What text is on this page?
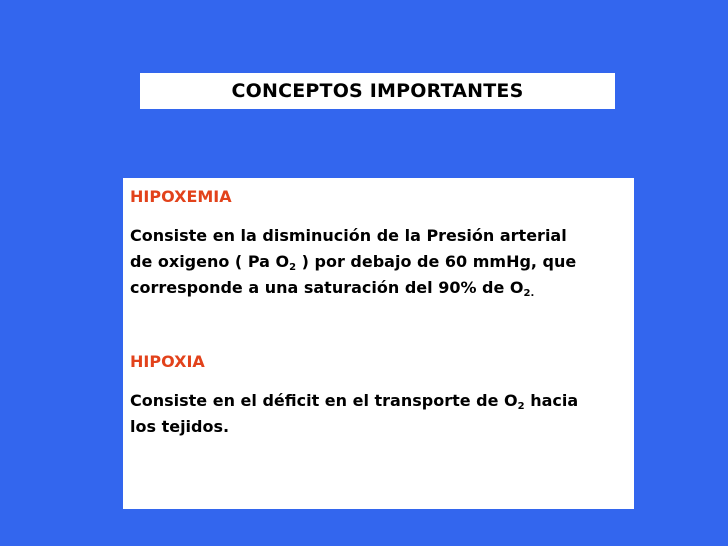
CONCEPTOS IMPORTANTES
HIPOXEMIA
Consiste en la disminución de la Presión arterial
de oxigeno ( Pa $O_2$ ) por debajo de 60 mmHg, que
corresponde a una saturación del 90% de $O_{2.}$
HIPOXIA
Consiste en el déficit en el transporte de $O_2$ hacia
los tejidos.
